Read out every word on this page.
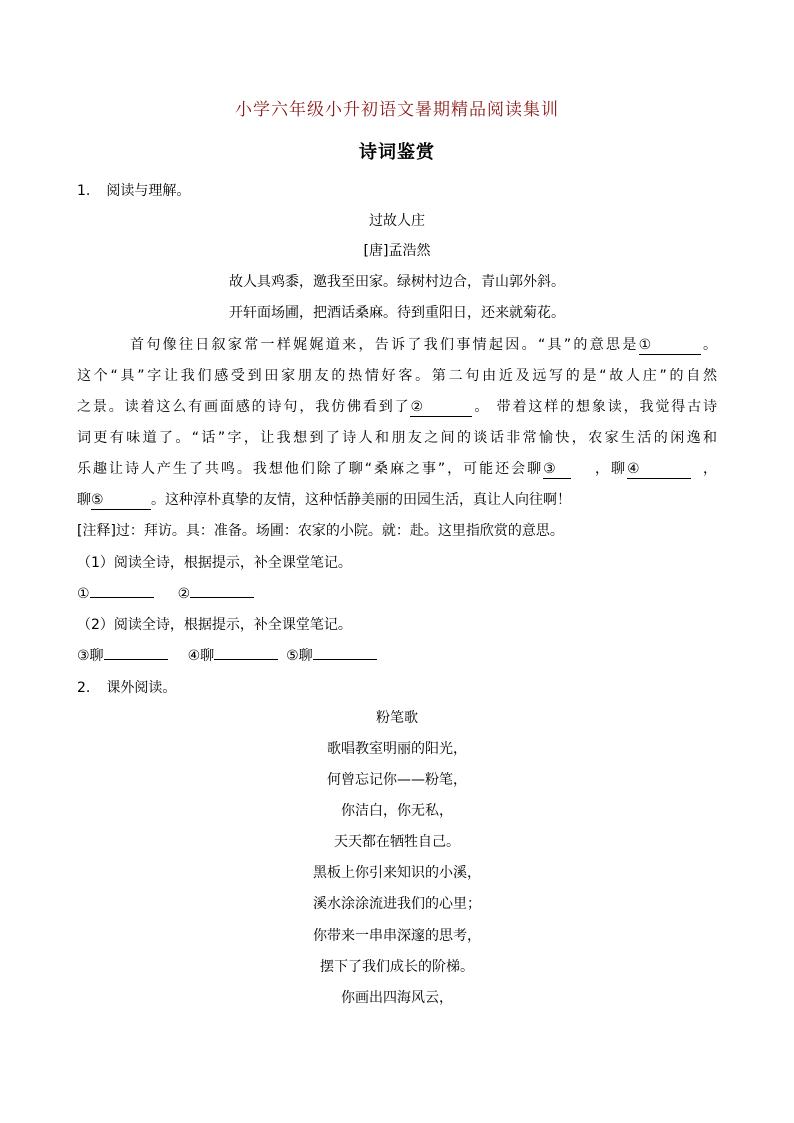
小学六年级小升初语文暑期精品阅读集训
诗词鉴赏
1. 阅读与理解。
过故人庄
[唐]孟浩然
故人具鸡黍，邀我至田家。绿树村边合，青山郭外斜。
开轩面场圃，把酒话桑麻。待到重阳日，还来就菊花。
首句像往日叙家常一样娓娓道来，告诉了我们事情起因。“具”的意思是①	。
这个“具”字让我们感受到田家朋友的热情好客。第二句由近及远写的是“故人庄”的自然
之景。读着这么有画面感的诗句，我仿佛看到了②	。 带着这样的想象读，我觉得古诗
词更有味道了。“话”字，让我想到了诗人和朋友之间的谈话非常愉快，农家生活的闲逸和
乐趣让诗人产生了共鸣。我想他们除了聊“桑麻之事”，可能还会聊③	，聊④	，
聊⑤	。这种淳朴真挚的友情，这种恬静美丽的田园生活，真让人向往啊！
[注释]过：拜访。具：准备。场圃：农家的小院。就：赴。这里指欣赏的意思。
（1）阅读全诗，根据提示，补全课堂笔记。
①	②
（2）阅读全诗，根据提示，补全课堂笔记。
③聊	④聊	⑤聊
2. 课外阅读。
粉笔歌
歌唱教室明丽的阳光，
何曾忘记你——粉笔，
你洁白，你无私，
天天都在牺牲自己。
黑板上你引来知识的小溪，
溪水涂涂流进我们的心里；
你带来一串串深邃的思考，
摆下了我们成长的阶梯。
你画出四海风云，
